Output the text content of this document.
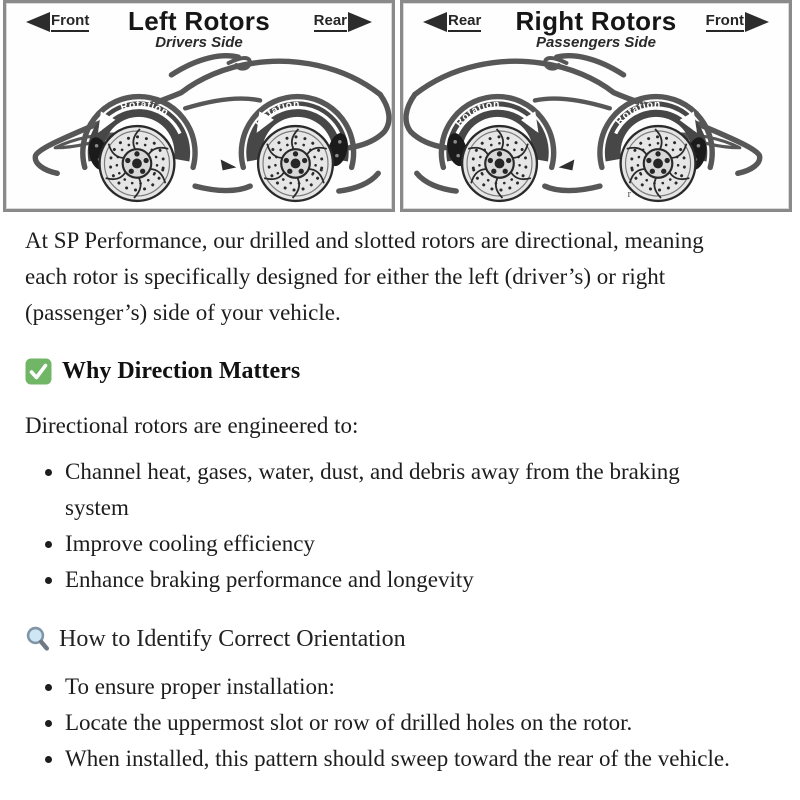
Front	Left Rotors
Drivers Side
Rear
Rotation
Rotation
Rear	Right Rotors
Passengers Side
Front
Rotation
Rotation
r

At SP Performance, our drilled and slotted rotors are directional, meaning each rotor is specifically designed for either the left (driver’s) or right (passenger’s) side of your vehicle.

Why Direction Matters

Directional rotors are engineered to:

• Channel heat, gases, water, dust, and debris away from the braking system
• Improve cooling efficiency
• Enhance braking performance and longevity
How to Identify Correct Orientation
• To ensure proper installation:
• Locate the uppermost slot or row of drilled holes on the rotor.
• When installed, this pattern should sweep toward the rear of the vehicle.
